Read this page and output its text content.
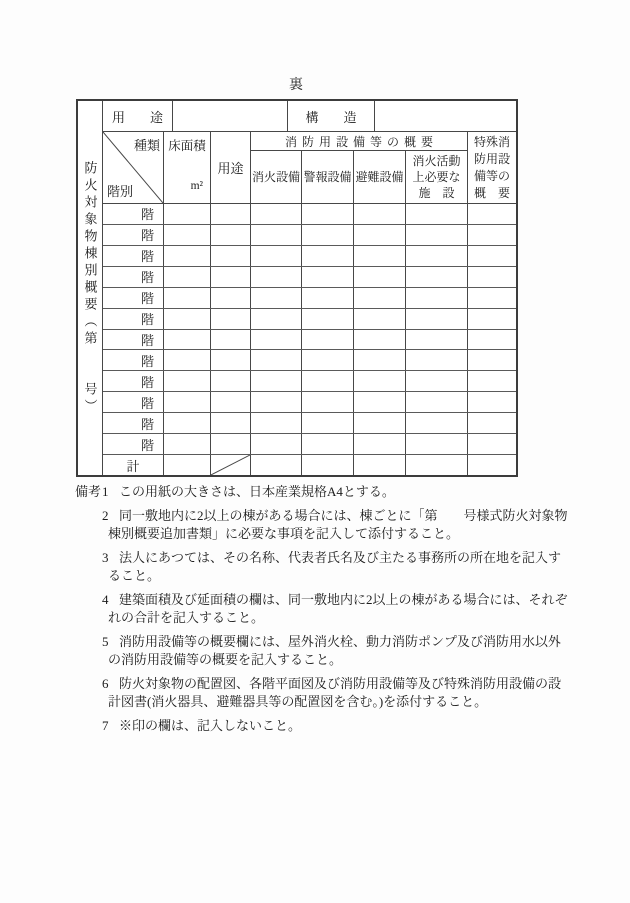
裏
防火対象物棟別概要（第　　号）
用　途	構　造
種類
階別
床面積
m²
用途
消防用設備等の概要
消火設備 警報設備 避難設備
消火活動
上必要な
施　設
特殊消
防用設
備等の
概　要
階
階
階
階
階
階
階
階
階
階
階
階
計
備考 1 この用紙の大きさは、日本産業規格A4とする。
2 同一敷地内に2以上の棟がある場合には、棟ごとに「第　　号様式防火対象物
棟別概要追加書類」に必要な事項を記入して添付すること。
3 法人にあつては、その名称、代表者氏名及び主たる事務所の所在地を記入す
ること。
4 建築面積及び延面積の欄は、同一敷地内に2以上の棟がある場合には、それぞ
れの合計を記入すること。
5 消防用設備等の概要欄には、屋外消火栓、動力消防ポンプ及び消防用水以外
の消防用設備等の概要を記入すること。
6 防火対象物の配置図、各階平面図及び消防用設備等及び特殊消防用設備の設
計図書(消火器具、避難器具等の配置図を含む。)を添付すること。
7 ※印の欄は、記入しないこと。
